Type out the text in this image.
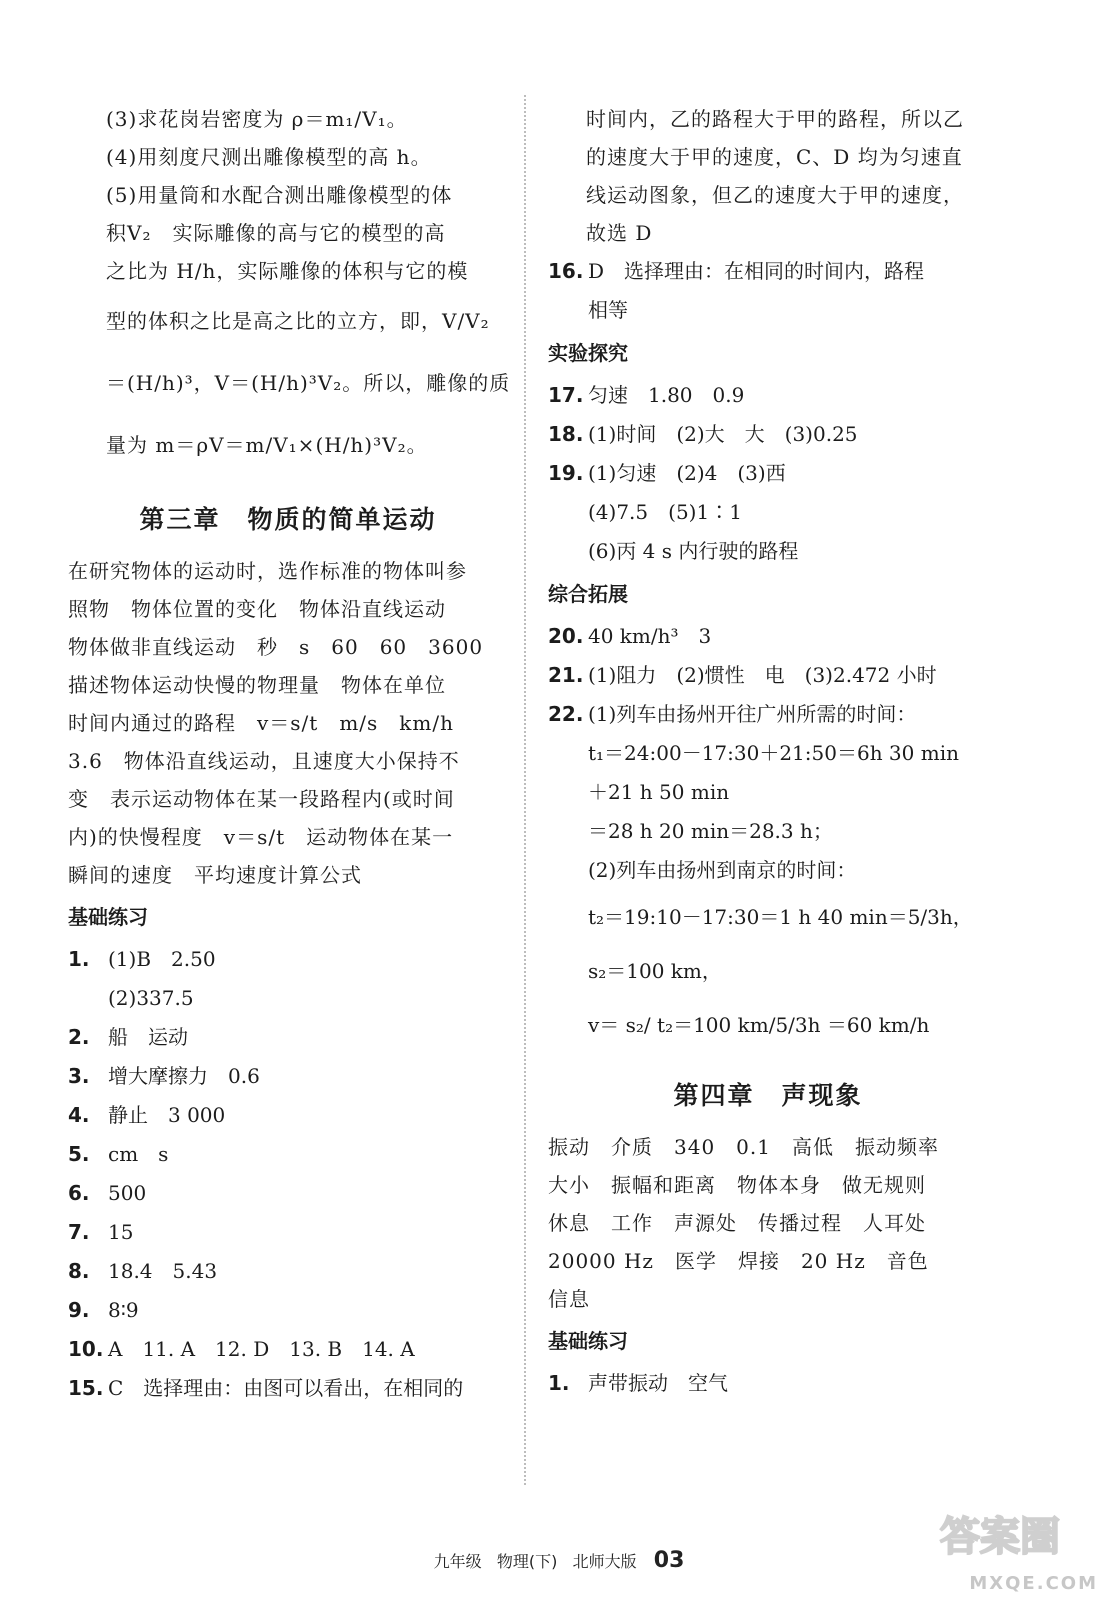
(3)求花岗岩密度为 ρ＝m₁/V₁。

(4)用刻度尺测出雕像模型的高 h。

(5)用量筒和水配合测出雕像模型的体

积V₂　实际雕像的高与它的模型的高

之比为 H/h，实际雕像的体积与它的模

型的体积之比是高之比的立方，即，V/V₂

＝(H/h)³，V＝(H/h)³V₂。所以，雕像的质

量为 m＝ρV＝m/V₁×(H/h)³V₂。

第三章　物质的简单运动

在研究物体的运动时，选作标准的物体叫参

照物　物体位置的变化　物体沿直线运动

物体做非直线运动　秒　s　60　60　3600

描述物体运动快慢的物理量　物体在单位

时间内通过的路程　v＝s/t　m/s　km/h

3.6　物体沿直线运动，且速度大小保持不

变　表示运动物体在某一段路程内(或时间

内)的快慢程度　v＝s/t　运动物体在某一

瞬间的速度　平均速度计算公式

基础练习
1. (1)B　2.50
(2)337.5
2. 船　运动
3. 增大摩擦力　0.6
4. 静止　3 000
5. cm　s
6. 500
7. 15
8. 18.4　5.43
9. 8∶9
10. A　11. A　12. D　13. B　14. A
15. C　选择理由：由图可以看出，在相同的

时间内，乙的路程大于甲的路程，所以乙

的速度大于甲的速度，C、D 均为匀速直

线运动图象，但乙的速度大于甲的速度，

故选 D

16. D　选择理由：在相同的时间内，路程
相等
实验探究
17. 匀速　1.80　0.9
18. (1)时间　(2)大　大　(3)0.25
19. (1)匀速　(2)4　(3)西
(4)7.5　(5)1∶1
(6)丙 4 s 内行驶的路程
综合拓展
20. 40 km/h³　3
21. (1)阻力　(2)惯性　电　(3)2.472 小时
22. (1)列车由扬州开往广州所需的时间：
t₁＝24:00－17:30＋21:50＝6h 30 min
＋21 h 50 min
＝28 h 20 min＝28.3 h；
(2)列车由扬州到南京的时间：
t₂＝19:10－17:30＝1 h 40 min＝5/3h，
s₂＝100 km，
v＝ s₂/ t₂＝100 km/5/3h ＝60 km/h
第四章　声现象

振动　介质　340　0.1　高低　振动频率

大小　振幅和距离　物体本身　做无规则

休息　工作　声源处　传播过程　人耳处

20000 Hz　医学　焊接　20 Hz　音色

信息

基础练习
1. 声带振动　空气
九年级 物理(下) 北师大版 03
答案圈
MXQE.COM
